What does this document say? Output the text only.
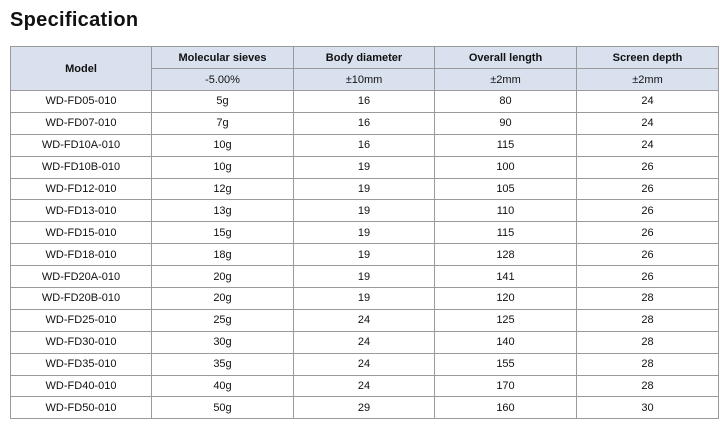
Specification
Model	Molecular sieves	Body diameter	Overall length	Screen depth
	-5.00%	±10mm	±2mm	±2mm
WD-FD05-010	5g	16	80	24
WD-FD07-010	7g	16	90	24
WD-FD10A-010	10g	16	115	24
WD-FD10B-010	10g	19	100	26
WD-FD12-010	12g	19	105	26
WD-FD13-010	13g	19	110	26
WD-FD15-010	15g	19	115	26
WD-FD18-010	18g	19	128	26
WD-FD20A-010	20g	19	141	26
WD-FD20B-010	20g	19	120	28
WD-FD25-010	25g	24	125	28
WD-FD30-010	30g	24	140	28
WD-FD35-010	35g	24	155	28
WD-FD40-010	40g	24	170	28
WD-FD50-010	50g	29	160	30
